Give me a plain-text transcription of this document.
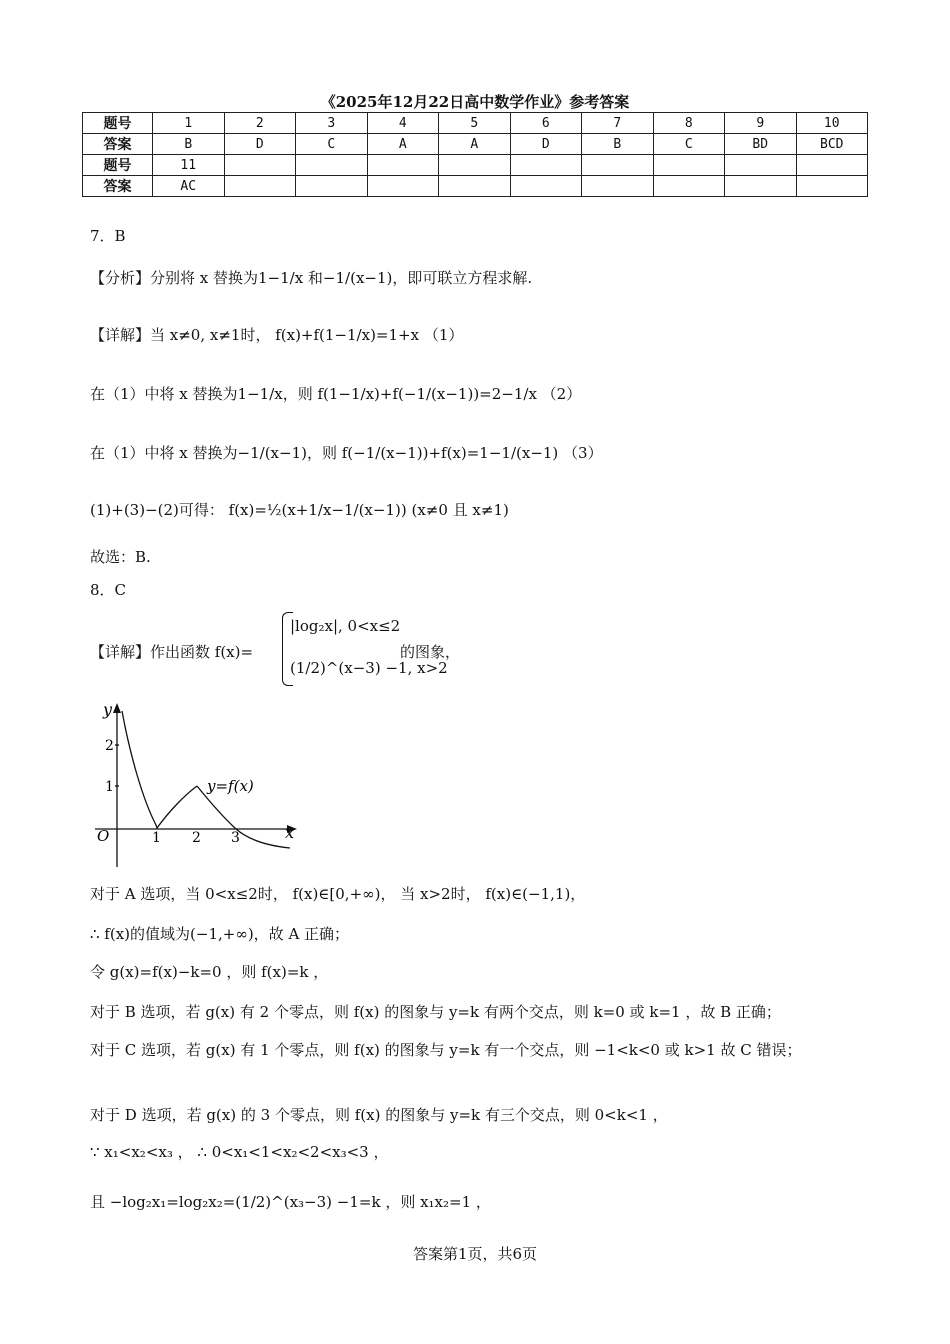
《2025年12月22日高中数学作业》参考答案
题号	1	2	3	4	5	6	7	8	9	10
答案	B	D	C	A	A	D	B	C	BD	BCD
题号	11									
答案	AC									
7．B
【分析】分别将 x 替换为1−1/x 和−1/(x−1)，即可联立方程求解.
【详解】当 x≠0, x≠1时， f(x)+f(1−1/x)=1+x （1）
在（1）中将 x 替换为1−1/x，则 f(1−1/x)+f(−1/(x−1))=2−1/x （2）
在（1）中将 x 替换为−1/(x−1)，则 f(−1/(x−1))+f(x)=1−1/(x−1) （3）
(1)+(3)−(2)可得： f(x)=½(x+1/x−1/(x−1)) (x≠0 且 x≠1)
故选：B.
8．C
【详解】作出函数 f(x)=
|log₂x|, 0<x≤2
(1/2)^(x−3) −1, x>2
的图象，
y
x
O
2
1
1 2 3
y=f(x)
对于 A 选项，当 0<x≤2时， f(x)∈[0,+∞)， 当 x>2时， f(x)∈(−1,1)，
∴ f(x)的值域为(−1,+∞)，故 A 正确；
令 g(x)=f(x)−k=0 ，则 f(x)=k ，
对于 B 选项，若 g(x) 有 2 个零点，则 f(x) 的图象与 y=k 有两个交点，则 k=0 或 k=1 ，故 B 正确；
对于 C 选项，若 g(x) 有 1 个零点，则 f(x) 的图象与 y=k 有一个交点，则 −1<k<0 或 k>1 故 C 错误；
对于 D 选项，若 g(x) 的 3 个零点，则 f(x) 的图象与 y=k 有三个交点，则 0<k<1 ，
∵ x₁<x₂<x₃ ， ∴ 0<x₁<1<x₂<2<x₃<3 ，
且 −log₂x₁=log₂x₂=(1/2)^(x₃−3) −1=k ，则 x₁x₂=1 ，
答案第1页，共6页
